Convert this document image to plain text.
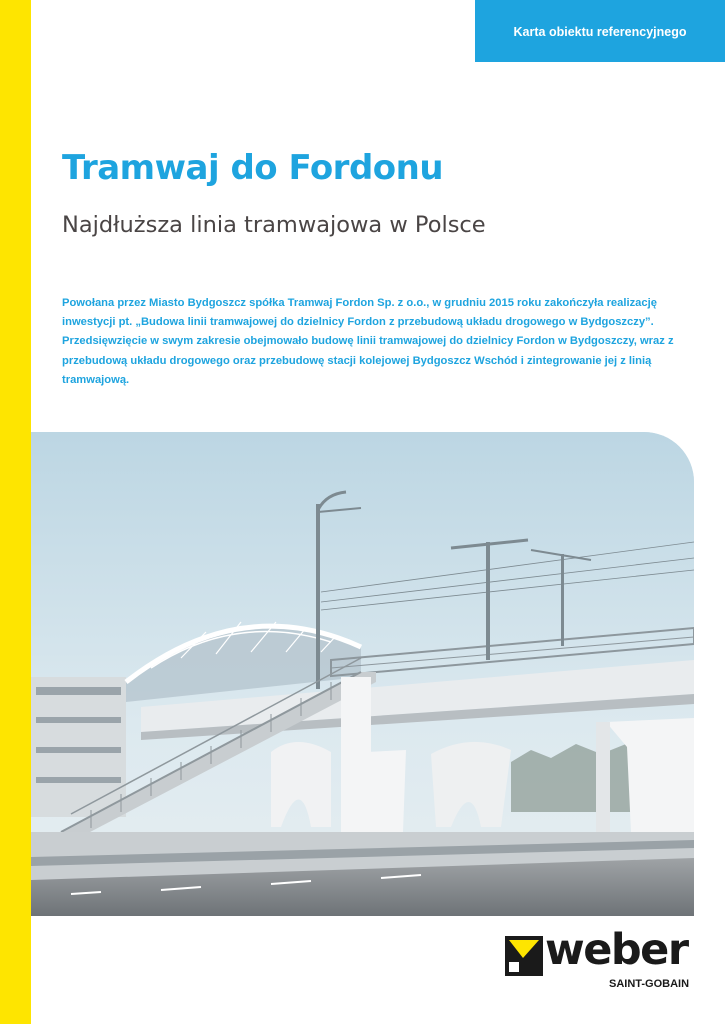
Karta obiektu referencyjnego
Tramwaj do Fordonu
Najdłuższa linia tramwajowa w Polsce

Powołana przez Miasto Bydgoszcz spółka Tramwaj Fordon Sp. z o.o., w grudniu 2015 roku zakończyła realizację inwestycji pt. „Budowa linii tramwajowej do dzielnicy Fordon z przebudową układu drogowego w Bydgoszczy”. Przedsięwzięcie w swym zakresie obejmowało budowę linii tramwajowej do dzielnicy Fordon w Bydgoszczy, wraz z przebudową układu drogowego oraz przebudowę stacji kolejowej Bydgoszcz Wschód i zintegrowanie jej z linią tramwajową.

weber
SAINT-GOBAIN
